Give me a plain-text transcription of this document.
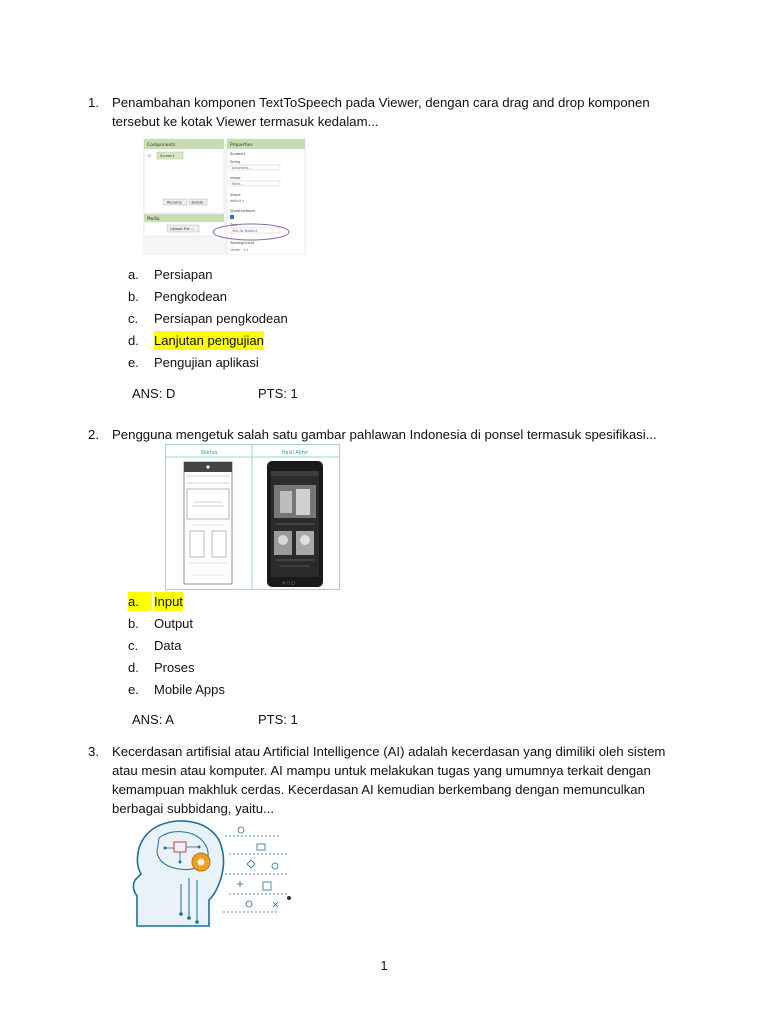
1. Penambahan komponen TextToSpeech pada Viewer, dengan cara drag and drop komponen tersebut ke kotak Viewer termasuk kedalam...
Components
⊟ Screen1
Rename	Delete
Media
Upload File ...
Properties
Screen1
Sizing
Automatic...
Image
None...
Shape
default ▾
ShowFeedback
Text
Text for Button1
TextAlignment
center : 1 ▾
a.	Persiapan
b.	Pengkodean
c.	Persiapan pengkodean
d.	Lanjutan pengujian
e.	Pengujian aplikasi
ANS: D	PTS: 1
2. Pengguna mengetuk salah satu gambar pahlawan Indonesia di ponsel termasuk spesifikasi...
Sketsa	Hasil Akhir
◁ ○ □
a.	Input
b.	Output
c.	Data
d.	Proses
e.	Mobile Apps
ANS: A	PTS: 1
3. Kecerdasan artifisial atau Artificial Intelligence (AI) adalah kecerdasan yang dimiliki oleh sistem atau mesin atau komputer. AI mampu untuk melakukan tugas yang umumnya terkait dengan kemampuan makhluk cerdas. Kecerdasan AI kemudian berkembang dengan memunculkan berbagai subbidang, yaitu...
1
